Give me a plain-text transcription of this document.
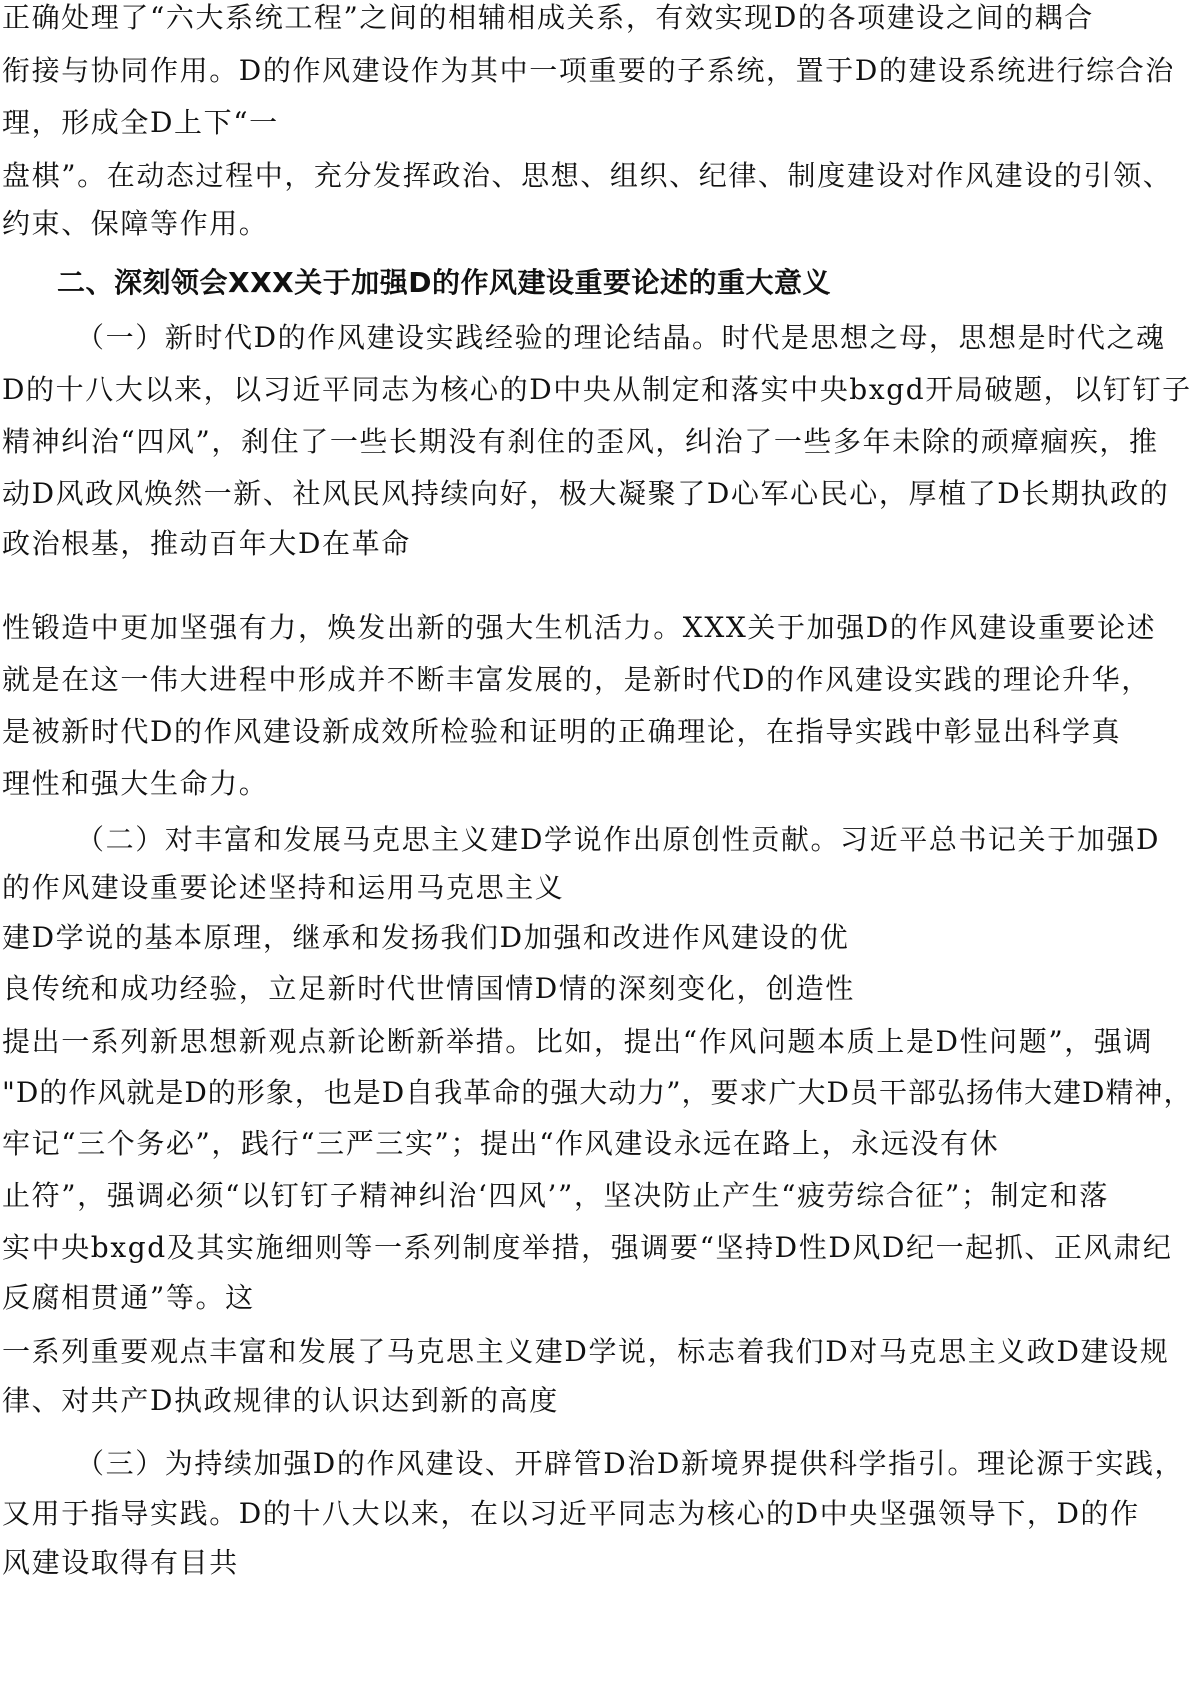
正确处理了“六大系统工程”之间的相辅相成关系，有效实现D的各项建设之间的耦合
衔接与协同作用。D的作风建设作为其中一项重要的子系统，置于D的建设系统进行综合治
理，形成全D上下“一
盘棋”。在动态过程中，充分发挥政治、思想、组织、纪律、制度建设对作风建设的引领、
约束、保障等作用。
二、深刻领会XXX关于加强D的作风建设重要论述的重大意义
（一）新时代D的作风建设实践经验的理论结晶。时代是思想之母，思想是时代之魂
D的十八大以来，以习近平同志为核心的D中央从制定和落实中央bxgd开局破题，以钉钉子
精神纠治“四风”，刹住了一些长期没有刹住的歪风，纠治了一些多年未除的顽瘴痼疾，推
动D风政风焕然一新、社风民风持续向好，极大凝聚了D心军心民心，厚植了D长期执政的
政治根基，推动百年大D在革命
性锻造中更加坚强有力，焕发出新的强大生机活力。XXX关于加强D的作风建设重要论述
就是在这一伟大进程中形成并不断丰富发展的，是新时代D的作风建设实践的理论升华，
是被新时代D的作风建设新成效所检验和证明的正确理论，在指导实践中彰显出科学真
理性和强大生命力。
（二）对丰富和发展马克思主义建D学说作出原创性贡献。习近平总书记关于加强D
的作风建设重要论述坚持和运用马克思主义
建D学说的基本原理，继承和发扬我们D加强和改进作风建设的优
良传统和成功经验，立足新时代世情国情D情的深刻变化，创造性
提出一系列新思想新观点新论断新举措。比如，提出“作风问题本质上是D性问题”，强调
"D的作风就是D的形象，也是D自我革命的强大动力”，要求广大D员干部弘扬伟大建D精神，
牢记“三个务必”，践行“三严三实”；提出“作风建设永远在路上，永远没有休
止符”，强调必须“以钉钉子精神纠治‘四风’”，坚决防止产生“疲劳综合征”；制定和落
实中央bxgd及其实施细则等一系列制度举措，强调要“坚持D性D风D纪一起抓、正风肃纪
反腐相贯通”等。这
一系列重要观点丰富和发展了马克思主义建D学说，标志着我们D对马克思主义政D建设规
律、对共产D执政规律的认识达到新的高度
（三）为持续加强D的作风建设、开辟管D治D新境界提供科学指引。理论源于实践，
又用于指导实践。D的十八大以来，在以习近平同志为核心的D中央坚强领导下，D的作
风建设取得有目共
